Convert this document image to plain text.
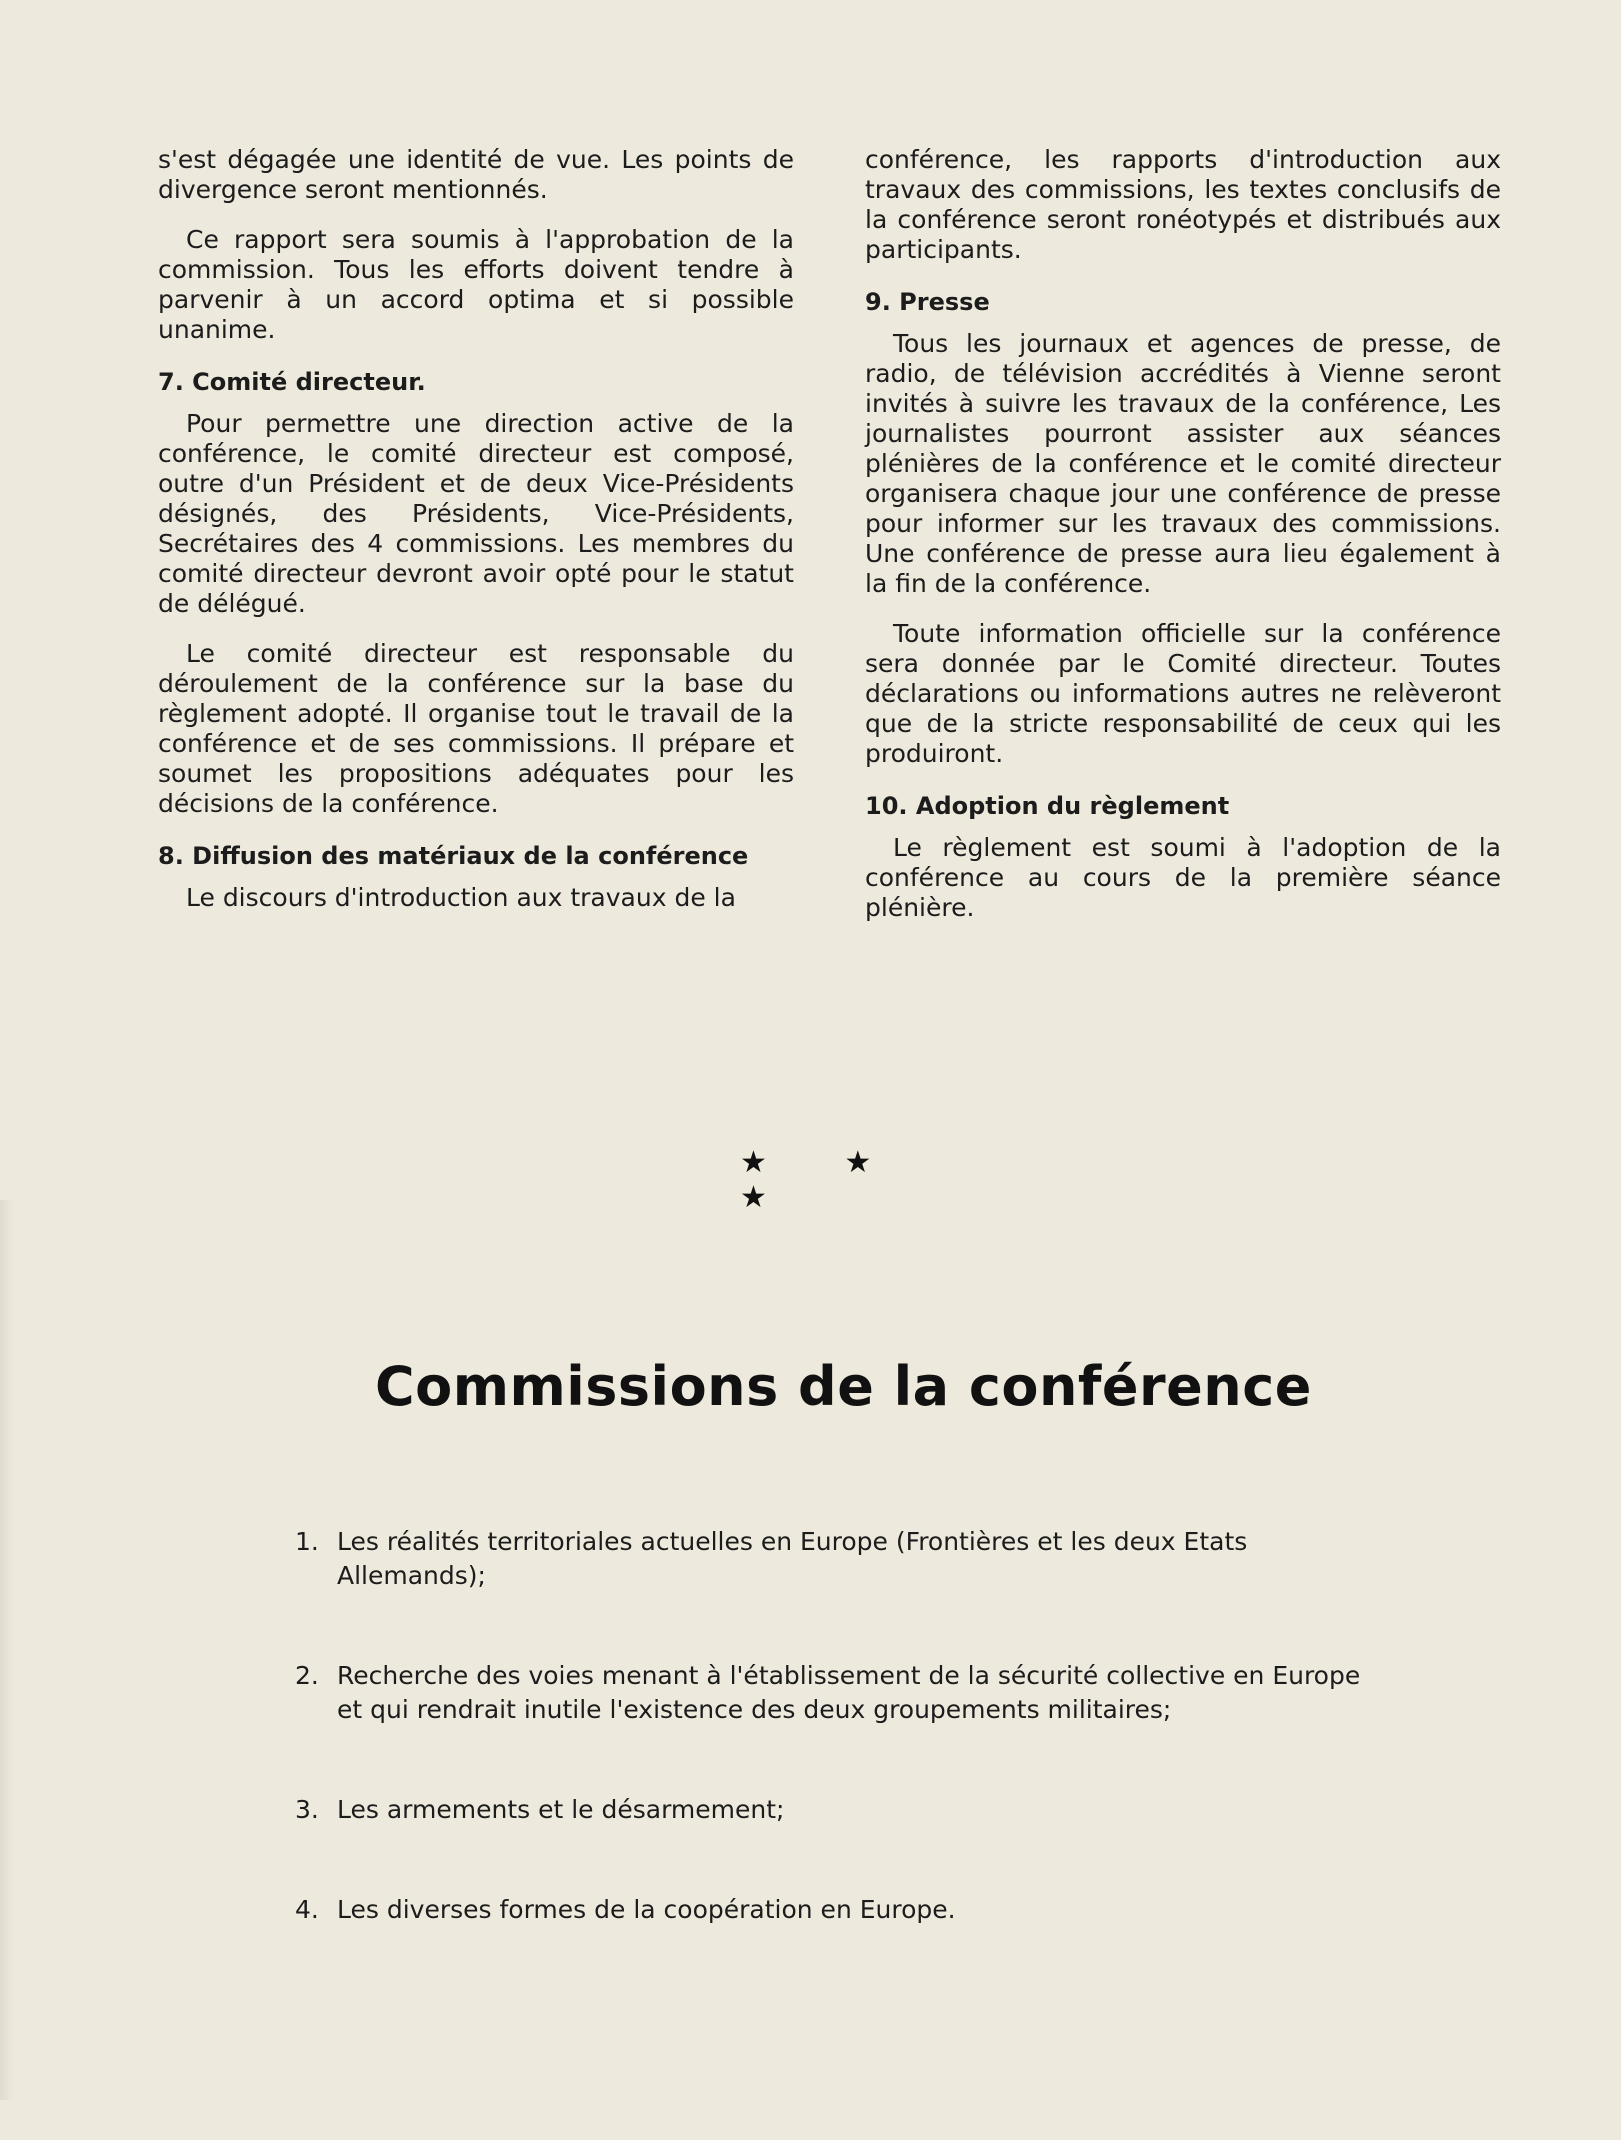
s'est dégagée une identité de vue. Les points de divergence seront mentionnés.

Ce rapport sera soumis à l'approbation de la commission. Tous les efforts doivent tendre à parvenir à un accord optima et si possible unanime.

7. Comité directeur.

Pour permettre une direction active de la conférence, le comité directeur est composé, outre d'un Président et de deux Vice-Présidents désignés, des Présidents, Vice-Présidents, Secrétaires des 4 commissions. Les membres du comité directeur devront avoir opté pour le statut de délégué.

Le comité directeur est responsable du déroulement de la conférence sur la base du règlement adopté. Il organise tout le travail de la conférence et de ses commissions. Il prépare et soumet les propositions adéquates pour les décisions de la conférence.

8. Diffusion des matériaux de la conférence

Le discours d'introduction aux travaux de la

conférence, les rapports d'introduction aux travaux des commissions, les textes conclusifs de la conférence seront ronéotypés et distribués aux participants.

9. Presse

Tous les journaux et agences de presse, de radio, de télévision accrédités à Vienne seront invités à suivre les travaux de la conférence, Les journalistes pourront assister aux séances plénières de la conférence et le comité directeur organisera chaque jour une conférence de presse pour informer sur les travaux des commissions. Une conférence de presse aura lieu également à la fin de la conférence.

Toute information officielle sur la conférence sera donnée par le Comité directeur. Toutes déclarations ou informations autres ne relèveront que de la stricte responsabilité de ceux qui les produiront.

10. Adoption du règlement

Le règlement est soumi à l'adoption de la conférence au cours de la première séance plénière.

★ ★ ★
Commissions de la conférence
1. Les réalités territoriales actuelles en Europe (Frontières et les deux Etats Allemands);
2. Recherche des voies menant à l'établissement de la sécurité collective en Europe et qui rendrait inutile l'existence des deux groupements militaires;
3. Les armements et le désarmement;
4. Les diverses formes de la coopération en Europe.
